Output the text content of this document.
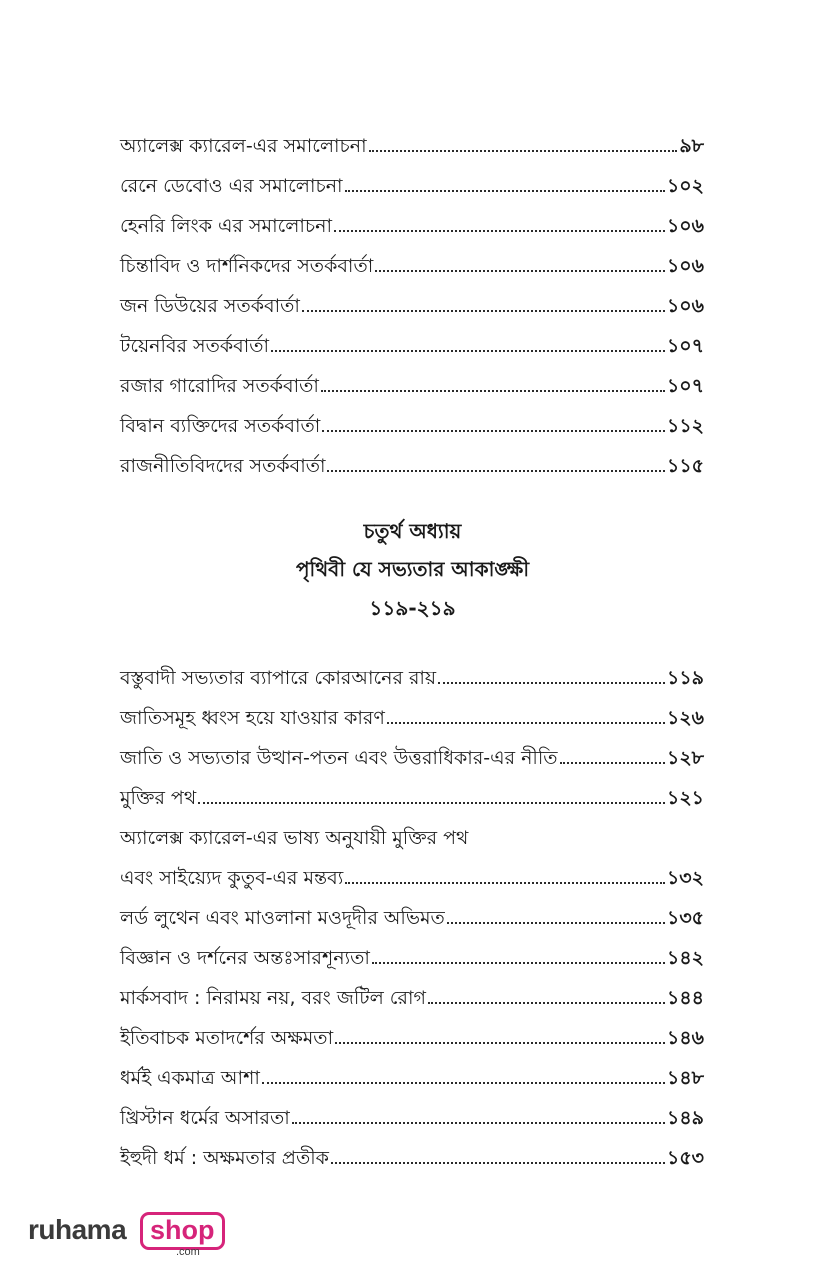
অ্যালেক্স ক্যারেল-এর সমালোচনা	৯৮
রেনে ডেবোও এর সমালোচনা	১০২
হেনরি লিংক এর সমালোচনা	১০৬
চিন্তাবিদ ও দার্শনিকদের সতর্কবার্তা	১০৬
জন ডিউয়ের সতর্কবার্তা	১০৬
টয়েনবির সতর্কবার্তা	১০৭
রজার গারোদির সতর্কবার্তা	১০৭
বিদ্বান ব্যক্তিদের সতর্কবার্তা	১১২
রাজনীতিবিদদের সতর্কবার্তা	১১৫
চতুর্থ অধ্যায়
পৃথিবী যে সভ্যতার আকাঙ্ক্ষী
১১৯-২১৯
বস্তুবাদী সভ্যতার ব্যাপারে কোরআনের রায়	১১৯
জাতিসমূহ ধ্বংস হয়ে যাওয়ার কারণ	১২৬
জাতি ও সভ্যতার উত্থান-পতন এবং উত্তরাধিকার-এর নীতি	১২৮
মুক্তির পথ	১২১
অ্যালেক্স ক্যারেল-এর ভাষ্য অনুযায়ী মুক্তির পথ
এবং সাইয়্যেদ কুতুব-এর মন্তব্য	১৩২
লর্ড লুথেন এবং মাওলানা মওদূদীর অভিমত	১৩৫
বিজ্ঞান ও দর্শনের অন্তঃসারশূন্যতা	১৪২
মার্কসবাদ : নিরাময় নয়, বরং জটিল রোগ	১৪৪
ইতিবাচক মতাদর্শের অক্ষমতা	১৪৬
ধর্মই একমাত্র আশা	১৪৮
খ্রিস্টান ধর্মের অসারতা	১৪৯
ইহুদী ধর্ম : অক্ষমতার প্রতীক	১৫৩
ruhama shop
.com
